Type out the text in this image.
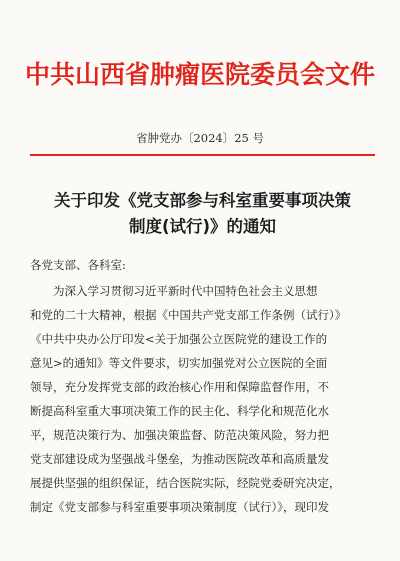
中共山西省肿瘤医院委员会文件
省肿党办〔2024〕25 号
关于印发《党支部参与科室重要事项决策
制度(试行)》的通知
各党支部、各科室:
为深入学习贯彻习近平新时代中国特色社会主义思想
和党的二十大精神，根据《中国共产党支部工作条例（试行）》
《中共中央办公厅印发<关于加强公立医院党的建设工作的
意见>的通知》等文件要求，切实加强党对公立医院的全面
领导，充分发挥党支部的政治核心作用和保障监督作用，不
断提高科室重大事项决策工作的民主化、科学化和规范化水
平，规范决策行为、加强决策监督、防范决策风险，努力把
党支部建设成为坚强战斗堡垒，为推动医院改革和高质量发
展提供坚强的组织保证，结合医院实际，经院党委研究决定，
制定《党支部参与科室重要事项决策制度（试行）》，现印发
